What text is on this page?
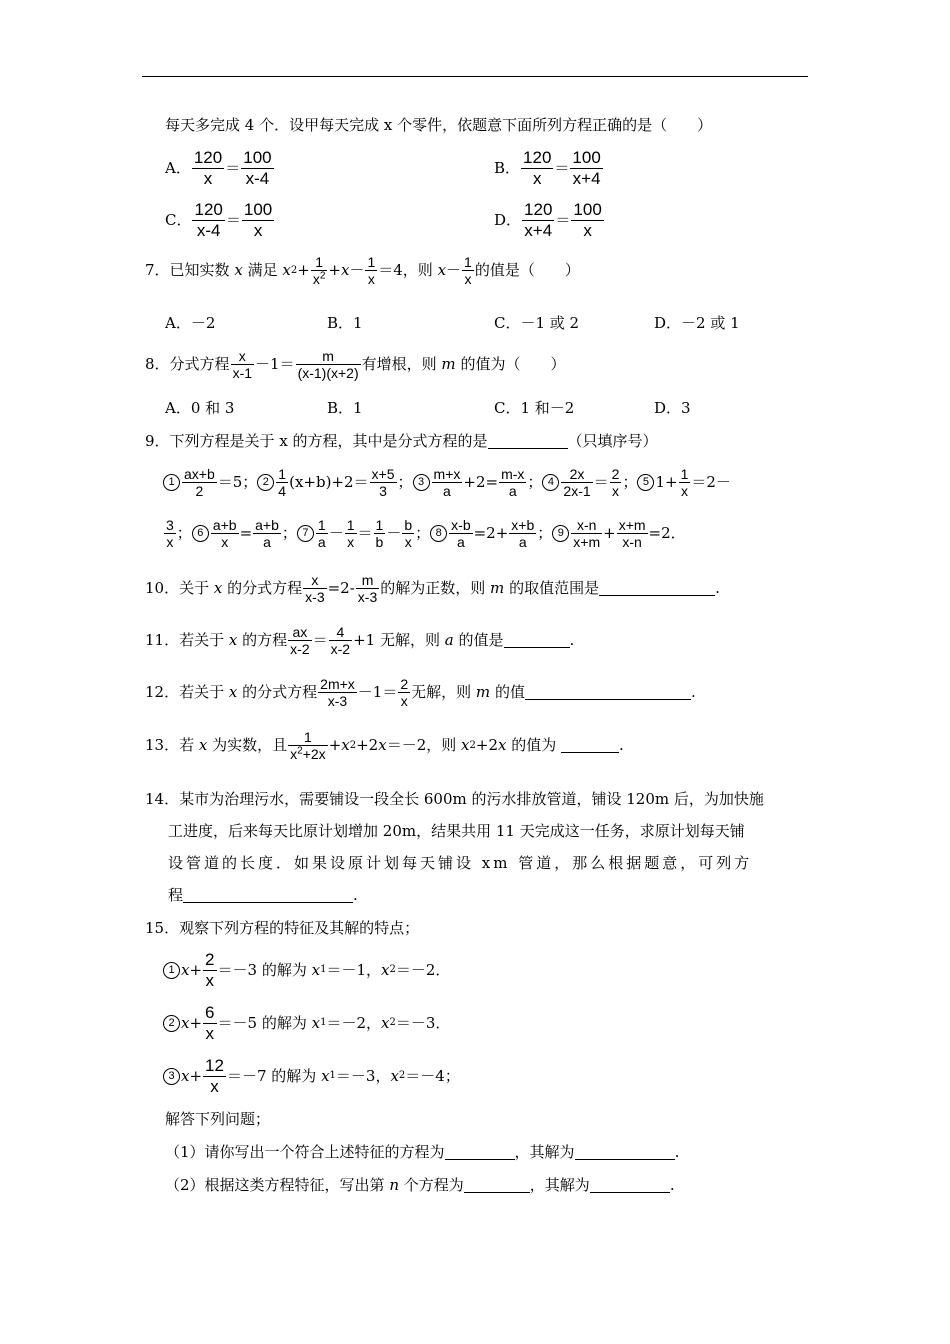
每天多完成 4 个．设甲每天完成 x 个零件，依题意下面所列方程正确的是（　　）
A． $\frac{120}{x} = \frac{100}{x-4}$	B． $\frac{120}{x} = \frac{100}{x+4}$
C． $\frac{120}{x-4} = \frac{100}{x}$	D． $\frac{120}{x+4} = \frac{100}{x}$
7． 已知实数
x
满足
x $2 + \frac{1}{x^2} + x - \frac{1}{x} =4$，则
$x - \frac{1}{x}$ 的值是（　　）
A．－2	B．1	C．－1 或 2	D．－2 或 1
8． 分式方程 $\frac{x}{x-1} -1= \frac{m}{(x-1)(x+2)}$ 有增根，则
m
的值为（　　）
A．0 和 3	B．1	C．1 和－2	D．3
9． 下列方程是关于 x 的方程，其中是分式方程的是	（只填序号）
$1 \frac{ax+b}{2} =5$； $2 \frac{1}{4} (x+b)+2= \frac{x+5}{3}$ ； $3 \frac{m+x}{a} +2= \frac{m-x}{a}$ ； $4 \frac{2x}{2x-1} = \frac{2}{x}$ ； 5 $1+ \frac{1}{x} =2-$
$\frac{3}{x}$ ； $6 \frac{a+b}{x} = \frac{a+b}{a}$ ； $7 \frac{1}{a} - \frac{1}{x} = \frac{1}{b} - \frac{b}{x}$ ； $8 \frac{x-b}{a} =2+ \frac{x+b}{a}$ ； $9 \frac{x-n}{x+m} + \frac{x+m}{x-n} =2$．
10． 关于
x
的分式方程 $\frac{x}{x-3} =2- \frac{m}{x-3}$ 的解为正数，则
m
的取值范围是	.
11． 若关于
x
的方程 $\frac{ax}{x-2} = \frac{4}{x-2} +1$ 无解，则
a
的值是	.
12． 若关于
x
的分式方程 $\frac{2m+x}{x-3} -1= \frac{2}{x}$ 无解，则
m
的值	.
13． 若
x
为实数，且 $\frac{1}{x^2+2x} + x$ 2 +2 x ＝－2，则
x 2 +2 x
的值为
	.
14． 某市为治理污水，需要铺设一段全长 600m 的污水排放管道，铺设 120m 后，为加快施
工进度，后来每天比原计划增加 20m，结果共用 11 天完成这一任务，求原计划每天铺
设管道的长度．如果设原计划每天铺设 xm 管道，那么根据题意，可列方
程	.
15． 观察下列方程的特征及其解的特点；
1 $x + \frac{2}{x} =-3$ 的解为
x 1 ＝－1， x 2 ＝－2．
2 $x + \frac{6}{x} =-5$ 的解为
x 1 ＝－2， x 2 ＝－3．
3 $x + \frac{12}{x} =-7$ 的解为
x 1 ＝－3， x 2 ＝－4；
解答下列问题；
（1）请你写出一个符合上述特征的方程为	，其解为	.
（2）根据这类方程特征，写出第
n
个方程为	，其解为	.
